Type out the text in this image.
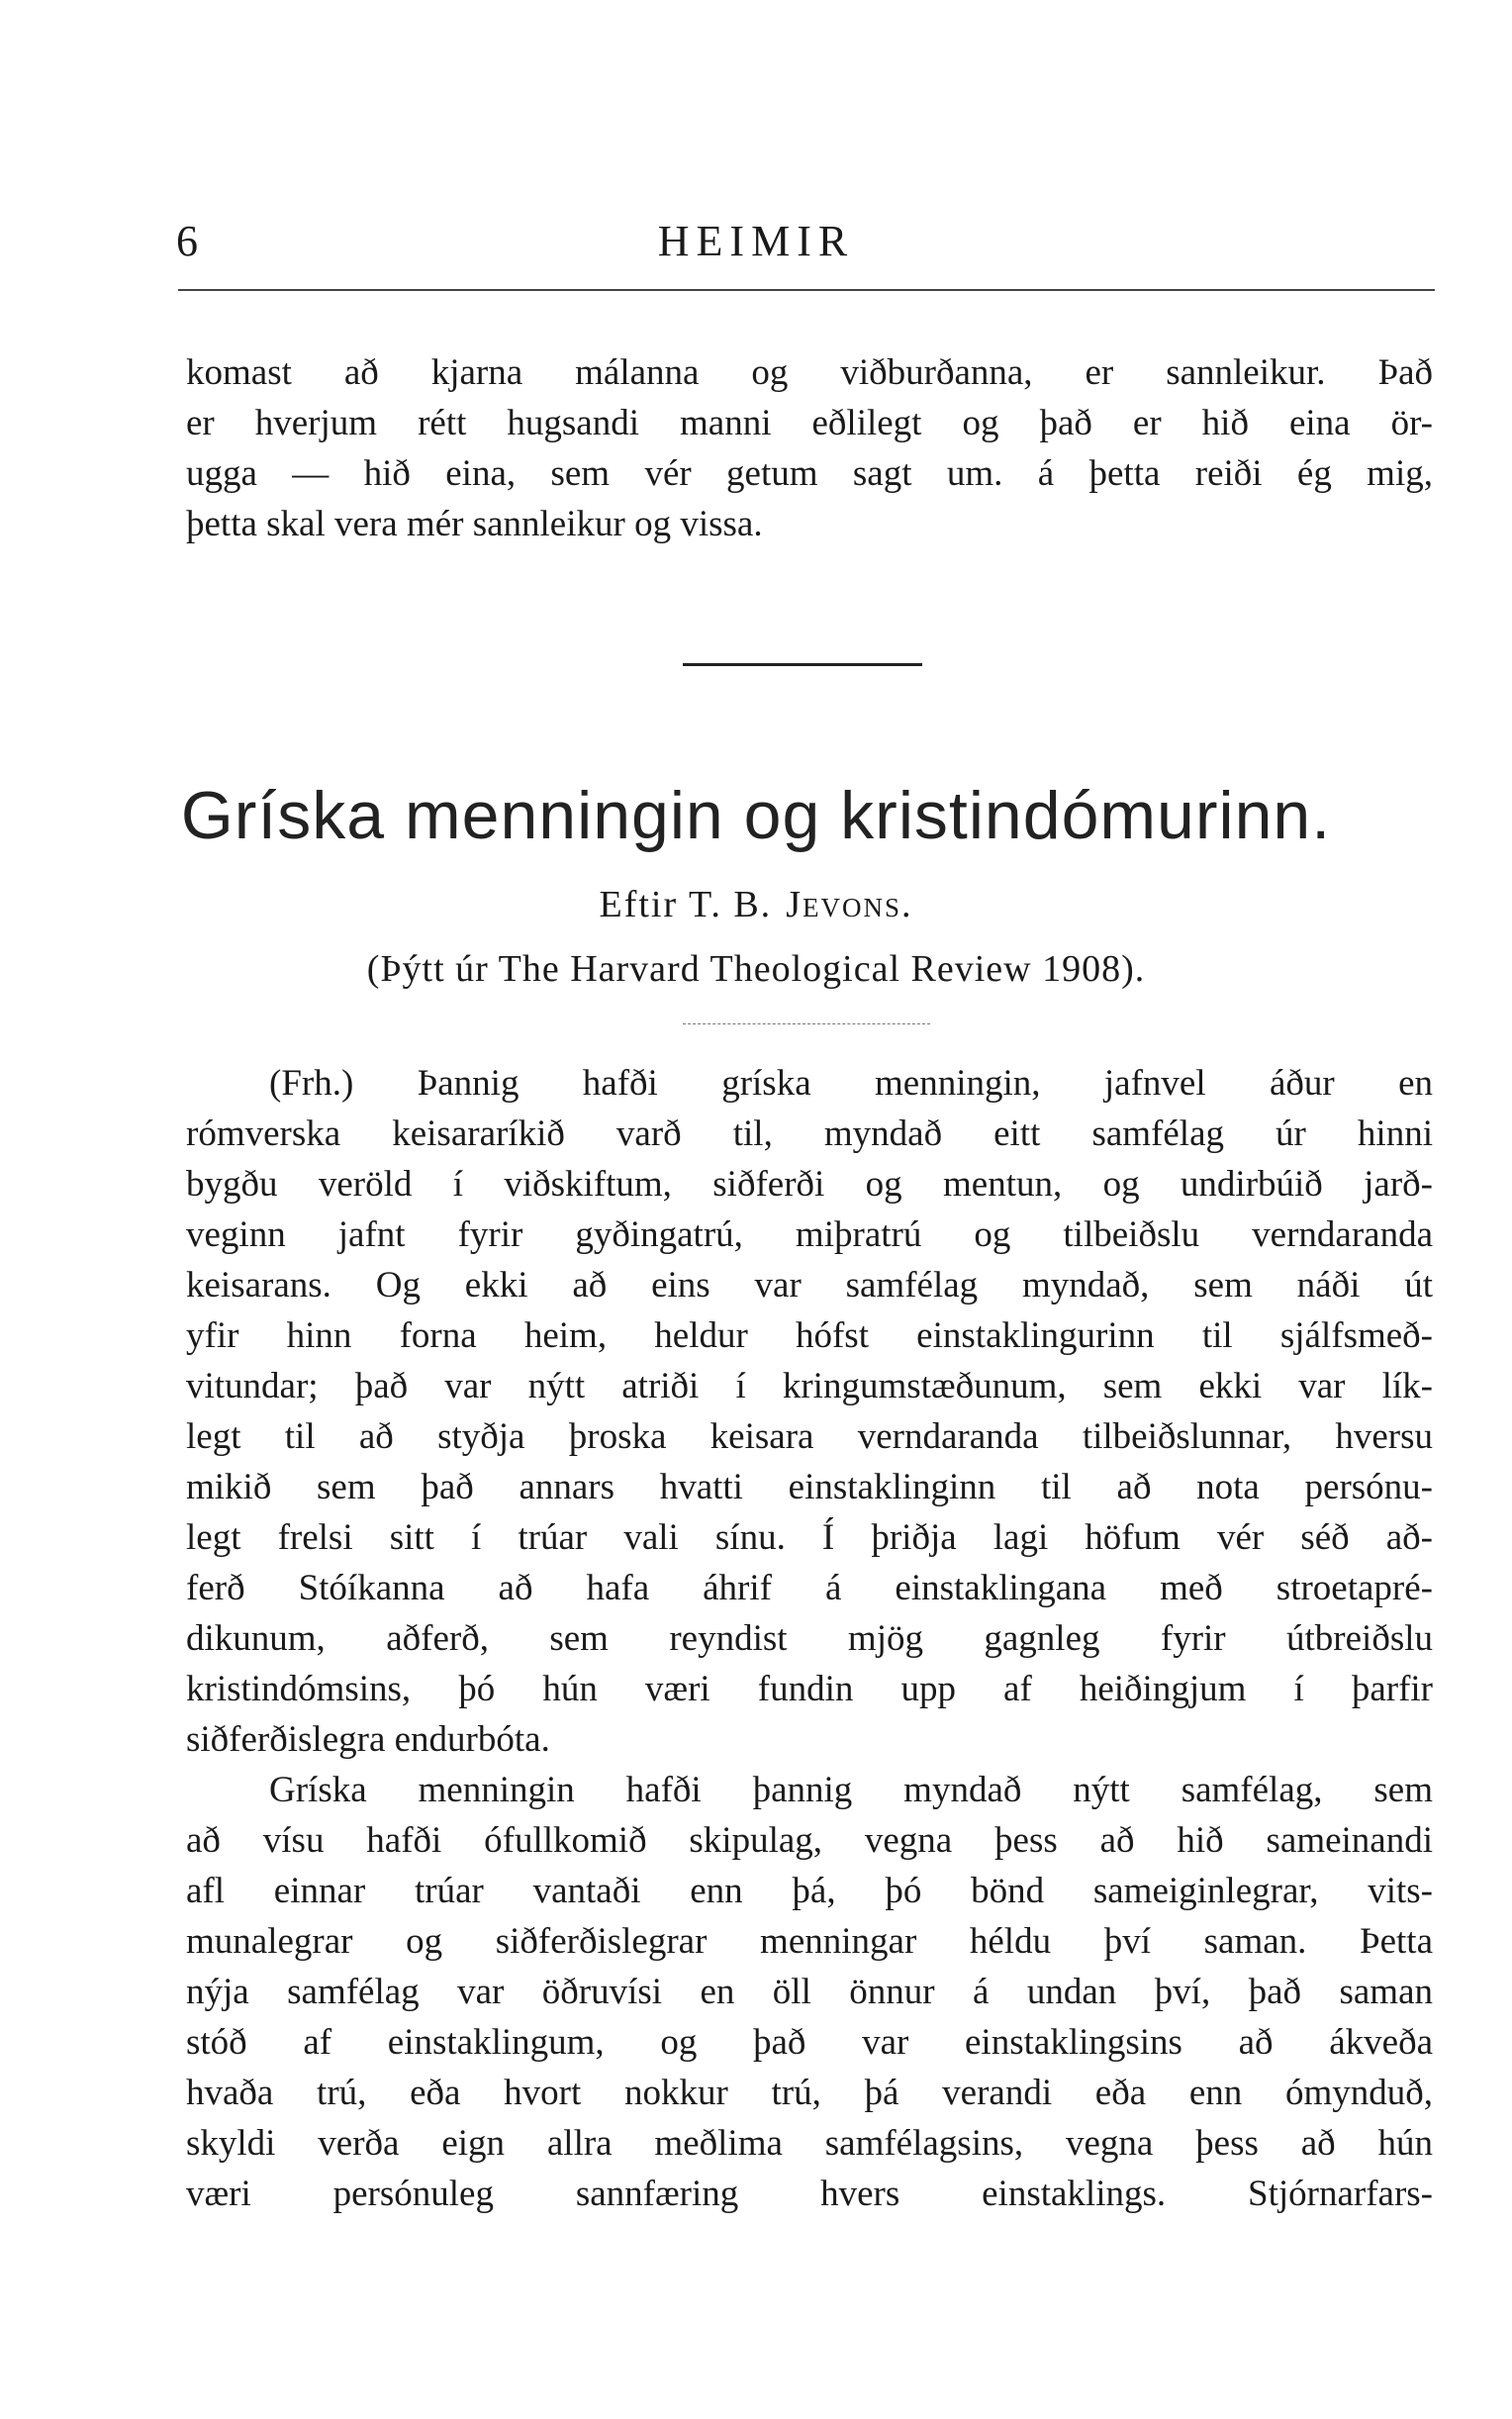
6	HEIMIR
komast að kjarna málanna og viðburðanna, er sannleikur. Það
er hverjum rétt hugsandi manni eðlilegt og það er hið eina ör-
ugga — hið eina, sem vér getum sagt um. á þetta reiði ég mig,
þetta skal vera mér sannleikur og vissa.
Gríska menningin og kristindómurinn.
Eftir T. B. Jevons.
(Þýtt úr The Harvard Theological Review 1908).
(Frh.) Þannig hafði gríska menningin, jafnvel áður en
rómverska keisararíkið varð til, myndað eitt samfélag úr hinni
bygðu veröld í viðskiftum, siðferði og mentun, og undirbúið jarð-
veginn jafnt fyrir gyðingatrú, miþratrú og tilbeiðslu verndaranda
keisarans. Og ekki að eins var samfélag myndað, sem náði út
yfir hinn forna heim, heldur hófst einstaklingurinn til sjálfsmeð-
vitundar; það var nýtt atriði í kringumstæðunum, sem ekki var lík-
legt til að styðja þroska keisara verndaranda tilbeiðslunnar, hversu
mikið sem það annars hvatti einstaklinginn til að nota persónu-
legt frelsi sitt í trúar vali sínu. Í þriðja lagi höfum vér séð að-
ferð Stóíkanna að hafa áhrif á einstaklingana með stroetapré-
dikunum, aðferð, sem reyndist mjög gagnleg fyrir útbreiðslu
kristindómsins, þó hún væri fundin upp af heiðingjum í þarfir
siðferðislegra endurbóta.
Gríska menningin hafði þannig myndað nýtt samfélag, sem
að vísu hafði ófullkomið skipulag, vegna þess að hið sameinandi
afl einnar trúar vantaði enn þá, þó bönd sameiginlegrar, vits-
munalegrar og siðferðislegrar menningar héldu því saman. Þetta
nýja samfélag var öðruvísi en öll önnur á undan því, það saman
stóð af einstaklingum, og það var einstaklingsins að ákveða
hvaða trú, eða hvort nokkur trú, þá verandi eða enn ómynduð,
skyldi verða eign allra meðlima samfélagsins, vegna þess að hún
væri persónuleg sannfæring hvers einstaklings. Stjórnarfars-
